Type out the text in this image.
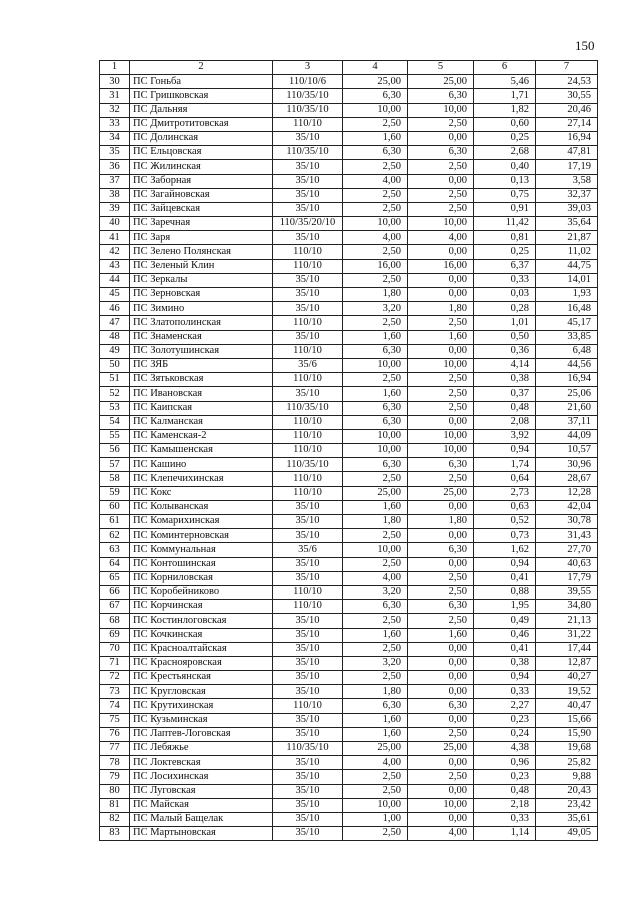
150
1	2	3	4	5	6	7
30	ПС Гоньба	110/10/6	25,00	25,00	5,46	24,53
31	ПС Гришковская	110/35/10	6,30	6,30	1,71	30,55
32	ПС Дальняя	110/35/10	10,00	10,00	1,82	20,46
33	ПС Дмитротитовская	110/10	2,50	2,50	0,60	27,14
34	ПС Долинская	35/10	1,60	0,00	0,25	16,94
35	ПС Ельцовская	110/35/10	6,30	6,30	2,68	47,81
36	ПС Жилинская	35/10	2,50	2,50	0,40	17,19
37	ПС Заборная	35/10	4,00	0,00	0,13	3,58
38	ПС Загайновская	35/10	2,50	2,50	0,75	32,37
39	ПС Зайцевская	35/10	2,50	2,50	0,91	39,03
40	ПС Заречная	110/35/20/10	10,00	10,00	11,42	35,64
41	ПС Заря	35/10	4,00	4,00	0,81	21,87
42	ПС Зелено Полянская	110/10	2,50	0,00	0,25	11,02
43	ПС Зеленый Клин	110/10	16,00	16,00	6,37	44,75
44	ПС Зеркалы	35/10	2,50	0,00	0,33	14,01
45	ПС Зерновская	35/10	1,80	0,00	0,03	1,93
46	ПС Зимино	35/10	3,20	1,80	0,28	16,48
47	ПС Златополинская	110/10	2,50	2,50	1,01	45,17
48	ПС Знаменская	35/10	1,60	1,60	0,50	33,85
49	ПС Золотушинская	110/10	6,30	0,00	0,36	6,48
50	ПС ЗЯБ	35/6	10,00	10,00	4,14	44,56
51	ПС Зятьковская	110/10	2,50	2,50	0,38	16,94
52	ПС Ивановская	35/10	1,60	2,50	0,37	25,06
53	ПС Каипская	110/35/10	6,30	2,50	0,48	21,60
54	ПС Калманская	110/10	6,30	0,00	2,08	37,11
55	ПС Каменская-2	110/10	10,00	10,00	3,92	44,09
56	ПС Камышенская	110/10	10,00	10,00	0,94	10,57
57	ПС Кашино	110/35/10	6,30	6,30	1,74	30,96
58	ПС Клепечихинская	110/10	2,50	2,50	0,64	28,67
59	ПС Кокс	110/10	25,00	25,00	2,73	12,28
60	ПС Колыванская	35/10	1,60	0,00	0,63	42,04
61	ПС Комарихинская	35/10	1,80	1,80	0,52	30,78
62	ПС Коминтерновская	35/10	2,50	0,00	0,73	31,43
63	ПС Коммунальная	35/6	10,00	6,30	1,62	27,70
64	ПС Контошинская	35/10	2,50	0,00	0,94	40,63
65	ПС Корниловская	35/10	4,00	2,50	0,41	17,79
66	ПС Коробейниково	110/10	3,20	2,50	0,88	39,55
67	ПС Корчинская	110/10	6,30	6,30	1,95	34,80
68	ПС Костинлоговская	35/10	2,50	2,50	0,49	21,13
69	ПС Кочкинская	35/10	1,60	1,60	0,46	31,22
70	ПС Красноалтайская	35/10	2,50	0,00	0,41	17,44
71	ПС Краснояровская	35/10	3,20	0,00	0,38	12,87
72	ПС Крестьянская	35/10	2,50	0,00	0,94	40,27
73	ПС Кругловская	35/10	1,80	0,00	0,33	19,52
74	ПС Крутихинская	110/10	6,30	6,30	2,27	40,47
75	ПС Кузьминская	35/10	1,60	0,00	0,23	15,66
76	ПС Лаптев-Логовская	35/10	1,60	2,50	0,24	15,90
77	ПС Лебяжье	110/35/10	25,00	25,00	4,38	19,68
78	ПС Локтевская	35/10	4,00	0,00	0,96	25,82
79	ПС Лосихинская	35/10	2,50	2,50	0,23	9,88
80	ПС Луговская	35/10	2,50	0,00	0,48	20,43
81	ПС Майская	35/10	10,00	10,00	2,18	23,42
82	ПС Малый Бащелак	35/10	1,00	0,00	0,33	35,61
83	ПС Мартыновская	35/10	2,50	4,00	1,14	49,05
